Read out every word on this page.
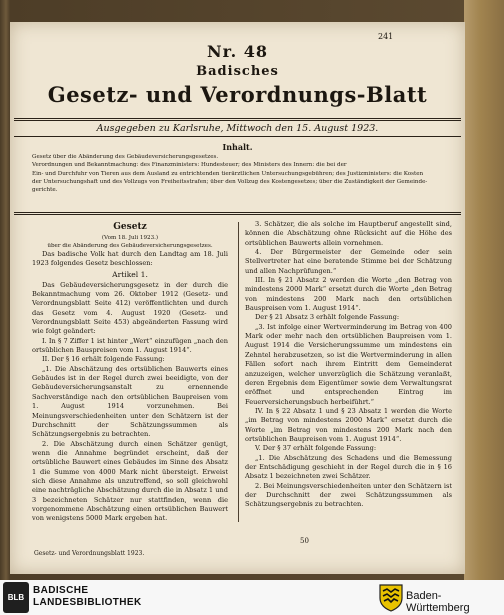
241
Nr. 48
Badisches
Gesetz- und Verordnungs-Blatt
Ausgegeben zu Karlsruhe, Mittwoch den 15. August 1923.
Inhalt.
Gesetz über die Abänderung des Gebäudeversicherungsgesetzes.
Verordnungen und Bekanntmachung: des Finanzministers: Hundesteuer; des Ministers des Innern: die bei der
Ein- und Durchfuhr von Tieren aus dem Ausland zu entrichtenden tierärztlichen Untersuchungsgebühren; des Justizministers: die Kosten
der Untersuchungshaft und des Vollzugs von Freiheitsstrafen; über den Vollzug des Kostengesetzes; über die Zuständigkeit der Gemeinde-
gerichte.

Gesetz

(Vom 18. Juli 1923.)

über die Abänderung des Gebäudeversicherungsgesetzes.

Das badische Volk hat durch den Landtag am 18. Juli 1923 folgendes Gesetz beschlossen:

Artikel 1.

Das Gebäudeversicherungsgesetz in der durch die Bekanntmachung vom 26. Oktober 1912 (Gesetz- und Verordnungsblatt Seite 412) veröffentlichten und durch das Gesetz vom 4. August 1920 (Gesetz- und Verordnungsblatt Seite 453) abgeänderten Fassung wird wie folgt geändert:

I. In § 7 Ziffer 1 ist hinter „Wert“ einzufügen „nach den ortsüblichen Bauspreisen vom 1. August 1914“.

II. Der § 16 erhält folgende Fassung:

„1. Die Abschätzung des ortsüblichen Bauwerts eines Gebäudes ist in der Regel durch zwei beeidigte, von der Gebäudeversicherungsanstalt zu ernennende Sachverständige nach den ortsüblichen Baupreisen vom 1. August 1914 vorzunehmen. Bei Meinungsverschiedenheiten unter den Schätzern ist der Durchschnitt der Schätzungssummen als Schätzungsergebnis zu betrachten.

2. Die Abschätzung durch einen Schätzer genügt, wenn die Annahme begründet erscheint, daß der ortsübliche Bauwert eines Gebäudes im Sinne des Absatz 1 die Summe von 4000 Mark nicht übersteigt. Erweist sich diese Annahme als unzutreffend, so soll gleichwohl eine nachträgliche Abschätzung durch die in Absatz 1 und 3 bezeichneten Schätzer nur stattfinden, wenn die vorgenommene Abschätzung einen ortsüblichen Bauwert von wenigstens 5000 Mark ergeben hat.

3. Schätzer, die als solche im Hauptberuf angestellt sind, können die Abschätzung ohne Rücksicht auf die Höhe des ortsüblichen Bauwerts allein vornehmen.

4. Der Bürgermeister der Gemeinde oder sein Stellvertreter hat eine beratende Stimme bei der Schätzung und allen Nachprüfungen.“

III. In § 21 Absatz 2 werden die Worte „den Betrag von mindestens 2000 Mark“ ersetzt durch die Worte „den Betrag von mindestens 200 Mark nach den ortsüblichen Bauspreisen vom 1. August 1914“.

Der § 21 Absatz 3 erhält folgende Fassung:

„3. Ist infolge einer Wertverminderung im Betrag von 400 Mark oder mehr nach den ortsüblichen Baupreisen vom 1. August 1914 die Versicherungssumme um mindestens ein Zehntel herabzusetzen, so ist die Wertverminderung in allen Fällen sofort nach ihrem Eintritt dem Gemeinderat anzuzeigen, welcher unverzüglich die Schätzung veranlaßt, deren Ergebnis dem Eigentümer sowie dem Verwaltungsrat eröffnet und entsprechenden Eintrag im Feuerversicherungsbuch herbeiführt.“

IV. In § 22 Absatz 1 und § 23 Absatz 1 werden die Worte „im Betrag von mindestens 2000 Mark“ ersetzt durch die Worte „im Betrag von mindestens 200 Mark nach den ortsüblichen Baupreisen vom 1. August 1914“.

V. Der § 37 erhält folgende Fassung:

„1. Die Abschätzung des Schadens und die Bemessung der Entschädigung geschieht in der Regel durch die in § 16 Absatz 1 bezeichneten zwei Schätzer.

2. Bei Meinungsverschiedenheiten unter den Schätzern ist der Durchschnitt der zwei Schätzungssummen als Schätzungsergebnis zu betrachten.

50
Gesetz- und Verordnungsblatt 1923.
BLB
BADISCHE
LANDESBIBLIOTHEK
Baden-Württemberg
